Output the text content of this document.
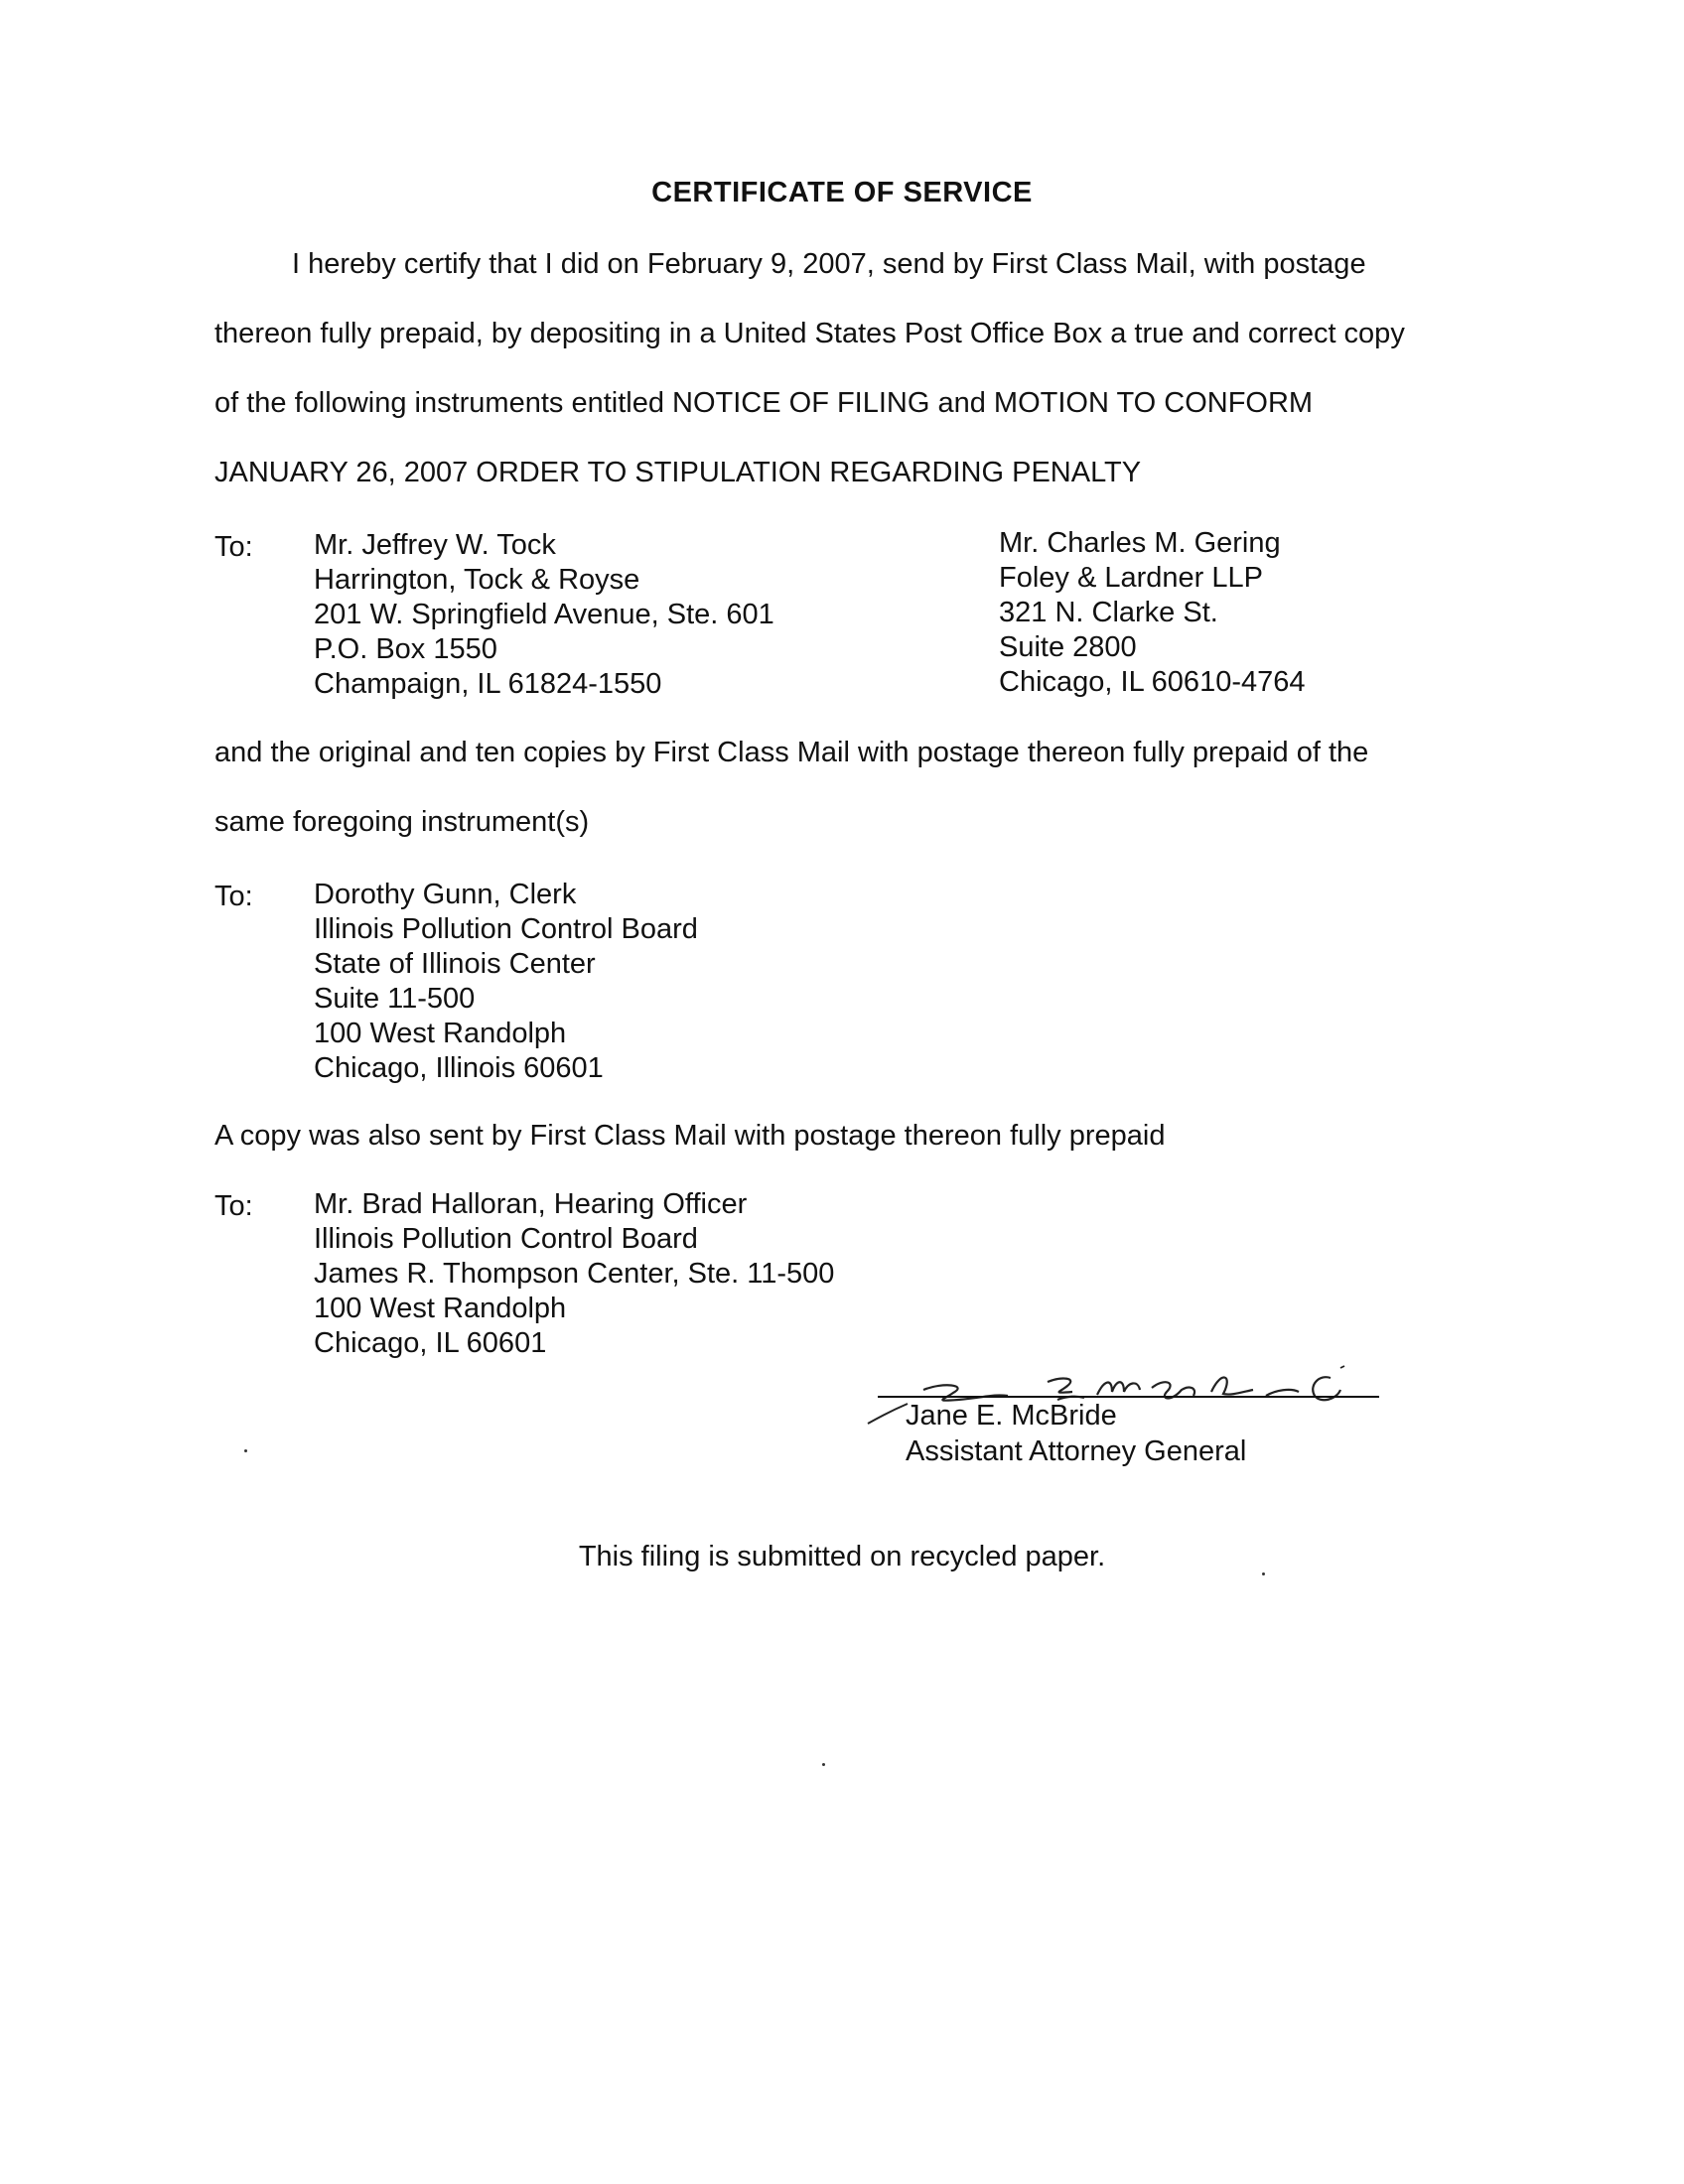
CERTIFICATE OF SERVICE
I hereby certify that I did on February 9, 2007, send by First Class Mail, with postage
thereon fully prepaid, by depositing in a United States Post Office Box a true and correct copy
of the following instruments entitled NOTICE OF FILING and MOTION TO CONFORM
JANUARY 26, 2007 ORDER TO STIPULATION REGARDING PENALTY
To: Mr. Jeffrey W. Tock
Harrington, Tock & Royse
201 W. Springfield Avenue, Ste. 601
P.O. Box 1550
Champaign, IL 61824-1550
Mr. Charles M. Gering
Foley & Lardner LLP
321 N. Clarke St.
Suite 2800
Chicago, IL 60610-4764
and the original and ten copies by First Class Mail with postage thereon fully prepaid of the
same foregoing instrument(s)
To: Dorothy Gunn, Clerk
Illinois Pollution Control Board
State of Illinois Center
Suite 11-500
100 West Randolph
Chicago, Illinois 60601
A copy was also sent by First Class Mail with postage thereon fully prepaid
To: Mr. Brad Halloran, Hearing Officer
Illinois Pollution Control Board
James R. Thompson Center, Ste. 11-500
100 West Randolph
Chicago, IL 60601
Jane E. McBride
Assistant Attorney General
This filing is submitted on recycled paper.
